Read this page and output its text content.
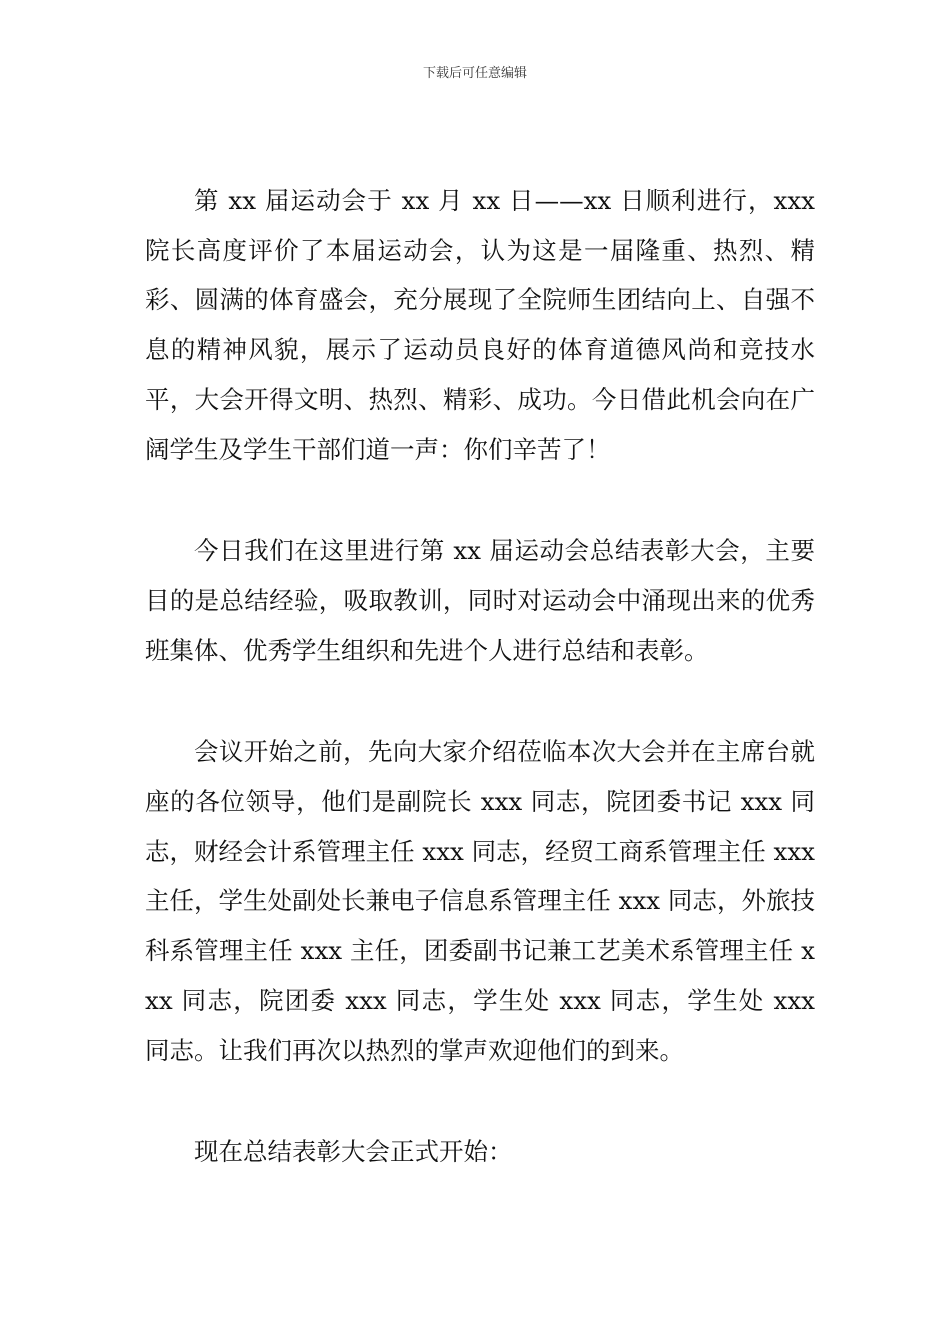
下载后可任意编辑

第 xx 届运动会于 xx 月 xx 日——xx 日顺利进行，xxx 院长高度评价了本届运动会，认为这是一届隆重、热烈、精彩、圆满的体育盛会，充分展现了全院师生团结向上、自强不息的精神风貌，展示了运动员良好的体育道德风尚和竞技水平，大会开得文明、热烈、精彩、成功。今日借此机会向在广阔学生及学生干部们道一声：你们辛苦了！

今日我们在这里进行第 xx 届运动会总结表彰大会，主要目的是总结经验，吸取教训，同时对运动会中涌现出来的优秀班集体、优秀学生组织和先进个人进行总结和表彰。

会议开始之前，先向大家介绍莅临本次大会并在主席台就座的各位领导，他们是副院长 xxx 同志，院团委书记 xxx 同志，财经会计系管理主任 xxx 同志，经贸工商系管理主任 xxx 主任，学生处副处长兼电子信息系管理主任 xxx 同志，外旅技科系管理主任 xxx 主任，团委副书记兼工艺美术系管理主任 xxx 同志，院团委 xxx 同志，学生处 xxx 同志，学生处 xxx 同志。让我们再次以热烈的掌声欢迎他们的到来。

现在总结表彰大会正式开始：
